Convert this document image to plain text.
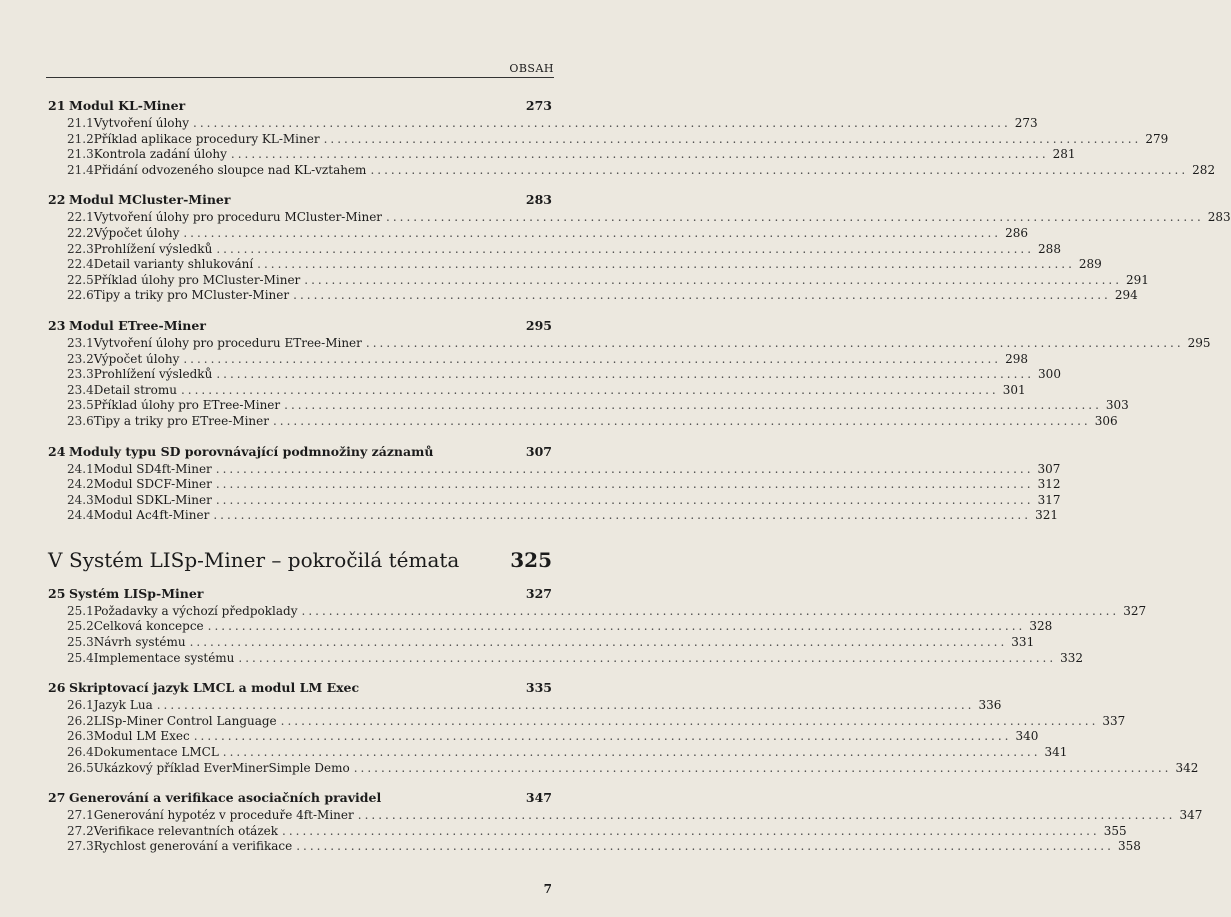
OBSAH
21 Modul KL-Miner	273
21.1 Vytvoření úlohy ........................................................................................................................ 273
21.2 Příklad aplikace procedury KL-Miner ........................................................................................................................ 279
21.3 Kontrola zadání úlohy ........................................................................................................................ 281
21.4 Přidání odvozeného sloupce nad KL-vztahem ........................................................................................................................ 282
22 Modul MCluster-Miner	283
22.1 Vytvoření úlohy pro proceduru MCluster-Miner ........................................................................................................................ 283
22.2 Výpočet úlohy ........................................................................................................................ 286
22.3 Prohlížení výsledků ........................................................................................................................ 288
22.4 Detail varianty shlukování ........................................................................................................................ 289
22.5 Příklad úlohy pro MCluster-Miner ........................................................................................................................ 291
22.6 Tipy a triky pro MCluster-Miner ........................................................................................................................ 294
23 Modul ETree-Miner	295
23.1 Vytvoření úlohy pro proceduru ETree-Miner ........................................................................................................................ 295
23.2 Výpočet úlohy ........................................................................................................................ 298
23.3 Prohlížení výsledků ........................................................................................................................ 300
23.4 Detail stromu ........................................................................................................................ 301
23.5 Příklad úlohy pro ETree-Miner ........................................................................................................................ 303
23.6 Tipy a triky pro ETree-Miner ........................................................................................................................ 306
24 Moduly typu SD porovnávající podmnožiny záznamů	307
24.1 Modul SD4ft-Miner ........................................................................................................................ 307
24.2 Modul SDCF-Miner ........................................................................................................................ 312
24.3 Modul SDKL-Miner ........................................................................................................................ 317
24.4 Modul Ac4ft-Miner ........................................................................................................................ 321
V Systém LISp-Miner – pokročilá témata	325
25 Systém LISp-Miner	327
25.1 Požadavky a výchozí předpoklady ........................................................................................................................ 327
25.2 Celková koncepce ........................................................................................................................ 328
25.3 Návrh systému ........................................................................................................................ 331
25.4 Implementace systému ........................................................................................................................ 332
26 Skriptovací jazyk LMCL a modul LM Exec	335
26.1 Jazyk Lua ........................................................................................................................ 336
26.2 LISp-Miner Control Language ........................................................................................................................ 337
26.3 Modul LM Exec ........................................................................................................................ 340
26.4 Dokumentace LMCL ........................................................................................................................ 341
26.5 Ukázkový příklad EverMinerSimple Demo ........................................................................................................................ 342
27 Generování a verifikace asociačních pravidel	347
27.1 Generování hypotéz v proceduře 4ft-Miner ........................................................................................................................ 347
27.2 Verifikace relevantních otázek ........................................................................................................................ 355
27.3 Rychlost generování a verifikace ........................................................................................................................ 358
7
